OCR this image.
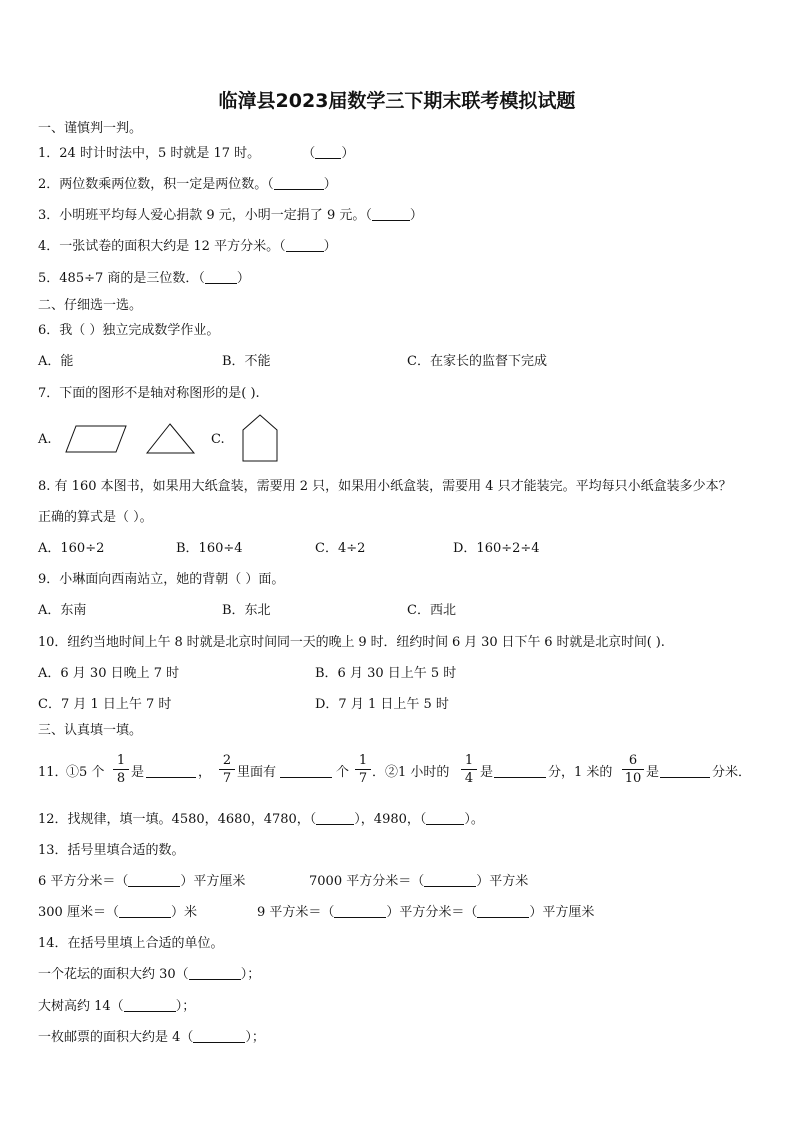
临漳县2023届数学三下期末联考模拟试题
一、谨慎判一判。
1．24 时计时法中，5 时就是 17 时。	（ ）
2．两位数乘两位数，积一定是两位数。（	）
3．小明班平均每人爱心捐款 9 元，小明一定捐了 9 元。（	）
4．一张试卷的面积大约是 12 平方分米。（	）
5．485÷7 商的是三位数．（ ）
二、仔细选一选。
6．我（ ）独立完成数学作业。
A．能	B．不能	C．在家长的监督下完成
7．下面的图形不是轴对称图形的是( ).
A.	C.
8. 有 160 本图书，如果用大纸盒装，需要用 2 只，如果用小纸盒装，需要用 4 只才能装完。平均每只小纸盒装多少本？
正确的算式是（ ）。
A．160÷2	B．160÷4	C．4÷2	D．160÷2÷4
9．小琳面向西南站立，她的背朝（ ）面。
A．东南	B．东北	C．西北
10．纽约当地时间上午 8 时就是北京时间同一天的晚上 9 时．纽约时间 6 月 30 日下午 6 时就是北京时间( ).
A．6 月 30 日晚上 7 时	B．6 月 30 日上午 5 时
C．7 月 1 日上午 7 时	D．7 月 1 日上午 5 时
三、认真填一填。
11．
①5 个
1
8 是	，
2
7 里面有	个
1
7 ．②1 小时的
1
4 是	分，1 米的
6
10 是	分米．
12．找规律，填一填。4580，4680，4780，（	），4980，（	）。
13．括号里填合适的数。
6 平方分米＝（	）平方厘米	7000 平方分米＝（	）平方米
300 厘米＝（	）米	9 平方米＝（	）平方分米＝（	）平方厘米
14．在括号里填上合适的单位。
一个花坛的面积大约 30（	）；
大树高约 14（	）；
一枚邮票的面积大约是 4（	）；
